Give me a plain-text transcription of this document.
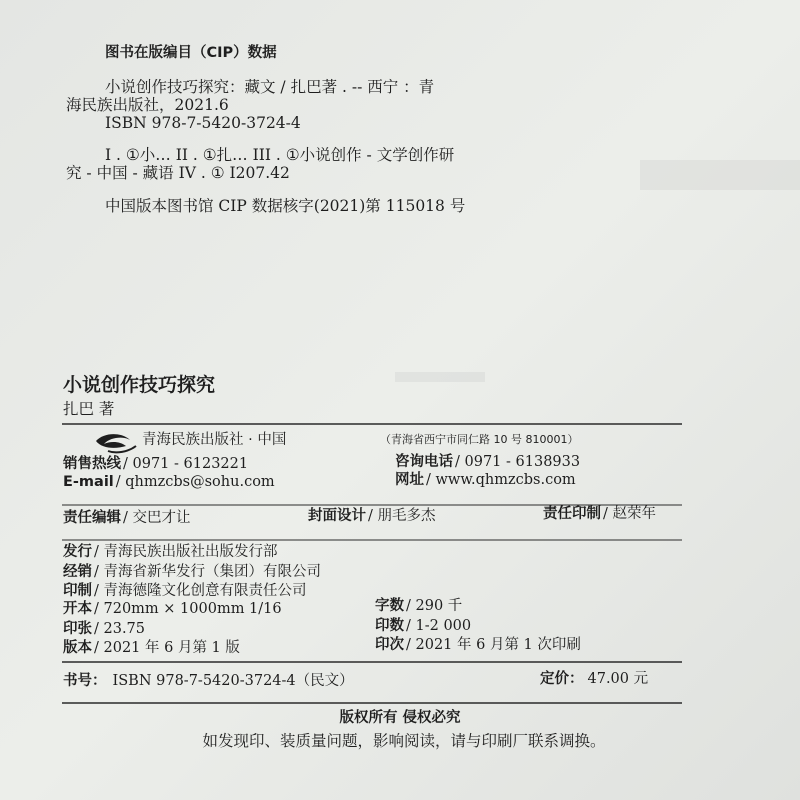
图书在版编目（CIP）数据
小说创作技巧探究：藏文 / 扎巴著 . -- 西宁 ：青
海民族出版社，2021.6
ISBN 978-7-5420-3724-4
I . ①小… II . ①扎… III . ①小说创作 - 文学创作研
究 - 中国 - 藏语 IV . ① I207.42
中国版本图书馆 CIP 数据核字(2021)第 115018 号
小说创作技巧探究
扎巴 著
青海民族出版社 · 中国	（青海省西宁市同仁路 10 号 810001）
销售热线 / 0971 - 6123221	咨询电话 / 0971 - 6138933
E-mail / qhmzcbs@sohu.com	网址 / www.qhmzcbs.com
责任编辑 / 交巴才让	封面设计 / 朋毛多杰	责任印制 / 赵荣年
发行 / 青海民族出版社出版发行部
经销 / 青海省新华发行（集团）有限公司
印制 / 青海德隆文化创意有限责任公司
开本 / 720mm × 1000mm 1/16	字数 / 290 千
印张 / 23.75	印数 / 1-2 000
版本 / 2021 年 6 月第 1 版	印次 / 2021 年 6 月第 1 次印刷
书号： ISBN 978-7-5420-3724-4（民文）	定价： 47.00 元
版权所有 侵权必究
如发现印、装质量问题，影响阅读，请与印刷厂联系调换。
